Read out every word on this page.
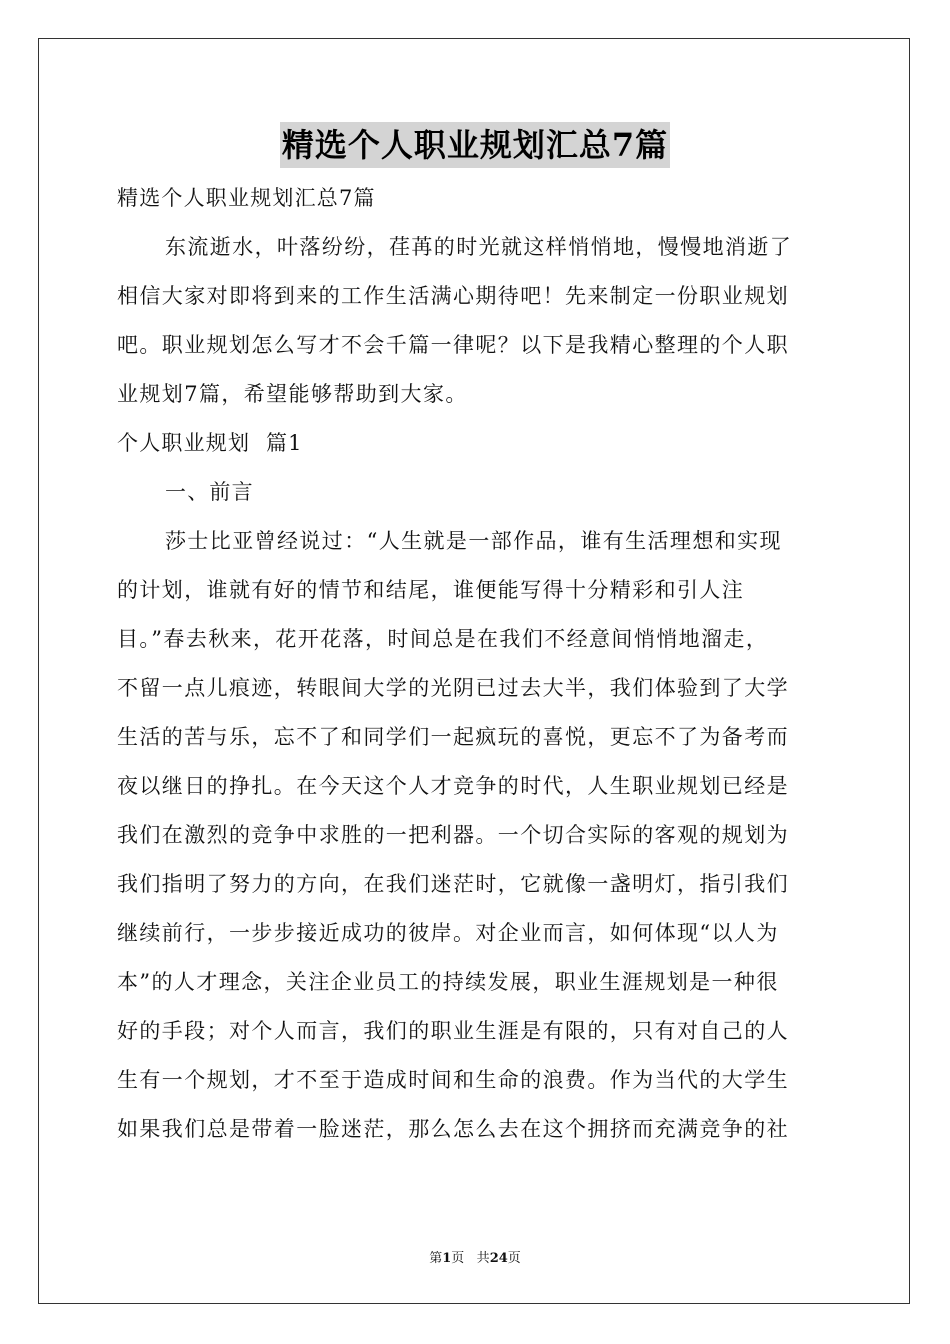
精选个人职业规划汇总7篇
精选个人职业规划汇总7篇
东流逝水，叶落纷纷，荏苒的时光就这样悄悄地，慢慢地消逝了
相信大家对即将到来的工作生活满心期待吧！先来制定一份职业规划
吧。职业规划怎么写才不会千篇一律呢？以下是我精心整理的个人职
业规划7篇，希望能够帮助到大家。
个人职业规划  篇1
一、前言
莎士比亚曾经说过：“人生就是一部作品，谁有生活理想和实现
的计划，谁就有好的情节和结尾，谁便能写得十分精彩和引人注
目。”春去秋来，花开花落，时间总是在我们不经意间悄悄地溜走，
不留一点儿痕迹，转眼间大学的光阴已过去大半，我们体验到了大学
生活的苦与乐，忘不了和同学们一起疯玩的喜悦，更忘不了为备考而
夜以继日的挣扎。在今天这个人才竞争的时代，人生职业规划已经是
我们在激烈的竞争中求胜的一把利器。一个切合实际的客观的规划为
我们指明了努力的方向，在我们迷茫时，它就像一盏明灯，指引我们
继续前行，一步步接近成功的彼岸。对企业而言，如何体现“以人为
本”的人才理念，关注企业员工的持续发展，职业生涯规划是一种很
好的手段；对个人而言，我们的职业生涯是有限的，只有对自己的人
生有一个规划，才不至于造成时间和生命的浪费。作为当代的大学生
如果我们总是带着一脸迷茫，那么怎么去在这个拥挤而充满竞争的社
第1页 共24页
